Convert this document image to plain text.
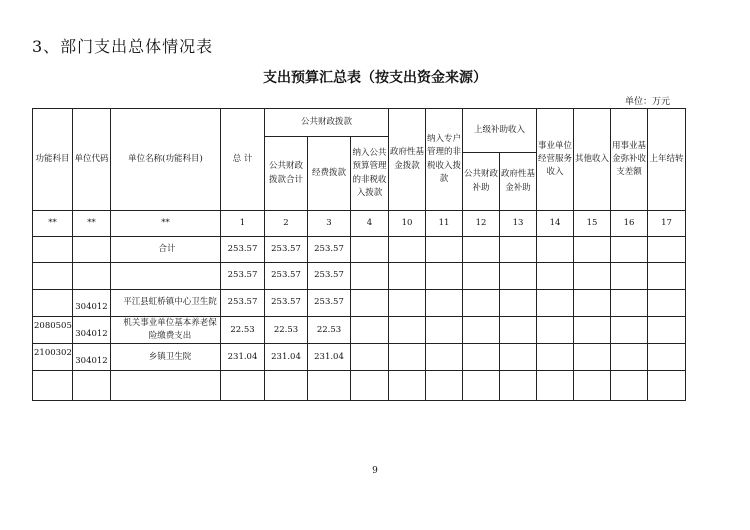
3、部门支出总体情况表
支出预算汇总表（按支出资金来源）
单位：万元
功能科目	单位代码	单位名称(功能科目)	总 计	公共财政拨款			政府性基金拨款	纳入专户管理的非税收入拨款	上级补助收入		事业单位经营服务收入	其他收入	用事业基金弥补收支差额	上年结转
				公共财政拨款合计	经费拨款	纳入公共预算管理的非税收入拨款								
									公共财政补助	政府性基金补助				
**	**	**	1	2	3	4	10	11	12	13	14	15	16	17
		合计	253.57	253.57	253.57									
			253.57	253.57	253.57									
	304012	平江县虹桥镇中心卫生院	253.57	253.57	253.57									
2080505	304012	机关事业单位基本养老保险缴费支出	22.53	22.53	22.53									
2100302	304012	乡镇卫生院	231.04	231.04	231.04									

9
